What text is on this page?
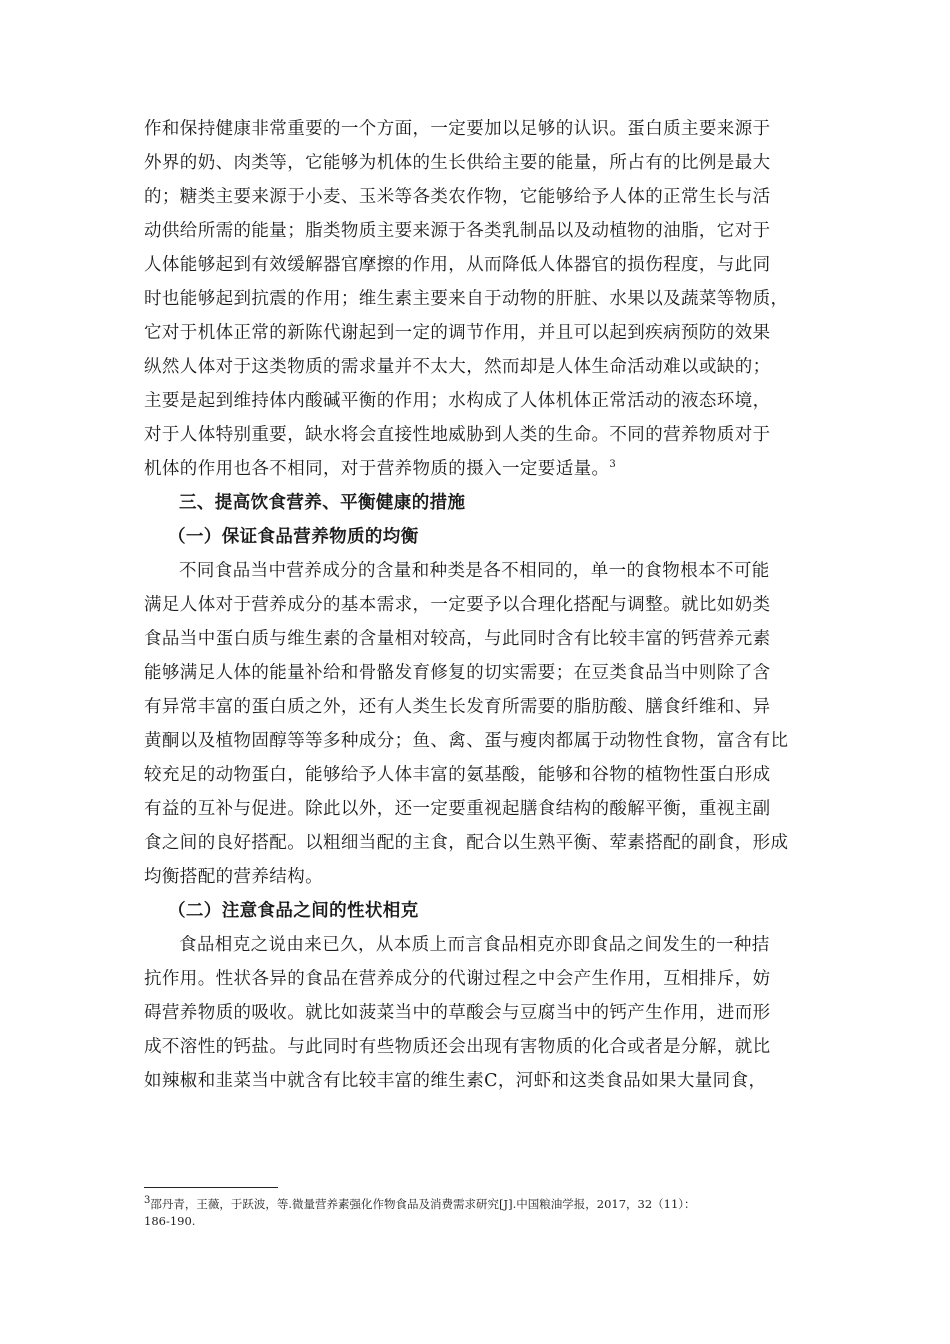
作和保持健康非常重要的一个方面，一定要加以足够的认识。蛋白质主要来源于
外界的奶、肉类等，它能够为机体的生长供给主要的能量，所占有的比例是最大
的；糖类主要来源于小麦、玉米等各类农作物，它能够给予人体的正常生长与活
动供给所需的能量；脂类物质主要来源于各类乳制品以及动植物的油脂，它对于
人体能够起到有效缓解器官摩擦的作用，从而降低人体器官的损伤程度，与此同
时也能够起到抗震的作用；维生素主要来自于动物的肝脏、水果以及蔬菜等物质，
它对于机体正常的新陈代谢起到一定的调节作用，并且可以起到疾病预防的效果
纵然人体对于这类物质的需求量并不太大，然而却是人体生命活动难以或缺的；
主要是起到维持体内酸碱平衡的作用；水构成了人体机体正常活动的液态环境，
对于人体特别重要，缺水将会直接性地威胁到人类的生命。不同的营养物质对于
机体的作用也各不相同，对于营养物质的摄入一定要适量。$^3$
三、提高饮食营养、平衡健康的措施
（一）保证食品营养物质的均衡
不同食品当中营养成分的含量和种类是各不相同的，单一的食物根本不可能
满足人体对于营养成分的基本需求，一定要予以合理化搭配与调整。就比如奶类
食品当中蛋白质与维生素的含量相对较高，与此同时含有比较丰富的钙营养元素
能够满足人体的能量补给和骨骼发育修复的切实需要；在豆类食品当中则除了含
有异常丰富的蛋白质之外，还有人类生长发育所需要的脂肪酸、膳食纤维和、异
黄酮以及植物固醇等等多种成分；鱼、禽、蛋与瘦肉都属于动物性食物，富含有比
较充足的动物蛋白，能够给予人体丰富的氨基酸，能够和谷物的植物性蛋白形成
有益的互补与促进。除此以外，还一定要重视起膳食结构的酸解平衡，重视主副
食之间的良好搭配。以粗细当配的主食，配合以生熟平衡、荤素搭配的副食，形成
均衡搭配的营养结构。
（二）注意食品之间的性状相克
食品相克之说由来已久，从本质上而言食品相克亦即食品之间发生的一种拮
抗作用。性状各异的食品在营养成分的代谢过程之中会产生作用，互相排斥，妨
碍营养物质的吸收。就比如菠菜当中的草酸会与豆腐当中的钙产生作用，进而形
成不溶性的钙盐。与此同时有些物质还会出现有害物质的化合或者是分解，就比
如辣椒和韭菜当中就含有比较丰富的维生素C，河虾和这类食品如果大量同食，
$^3$邵丹青，王薇，于跃波，等.微量营养素强化作物食品及消费需求研究[J].中国粮油学报，2017，32（11）：
186-190.
